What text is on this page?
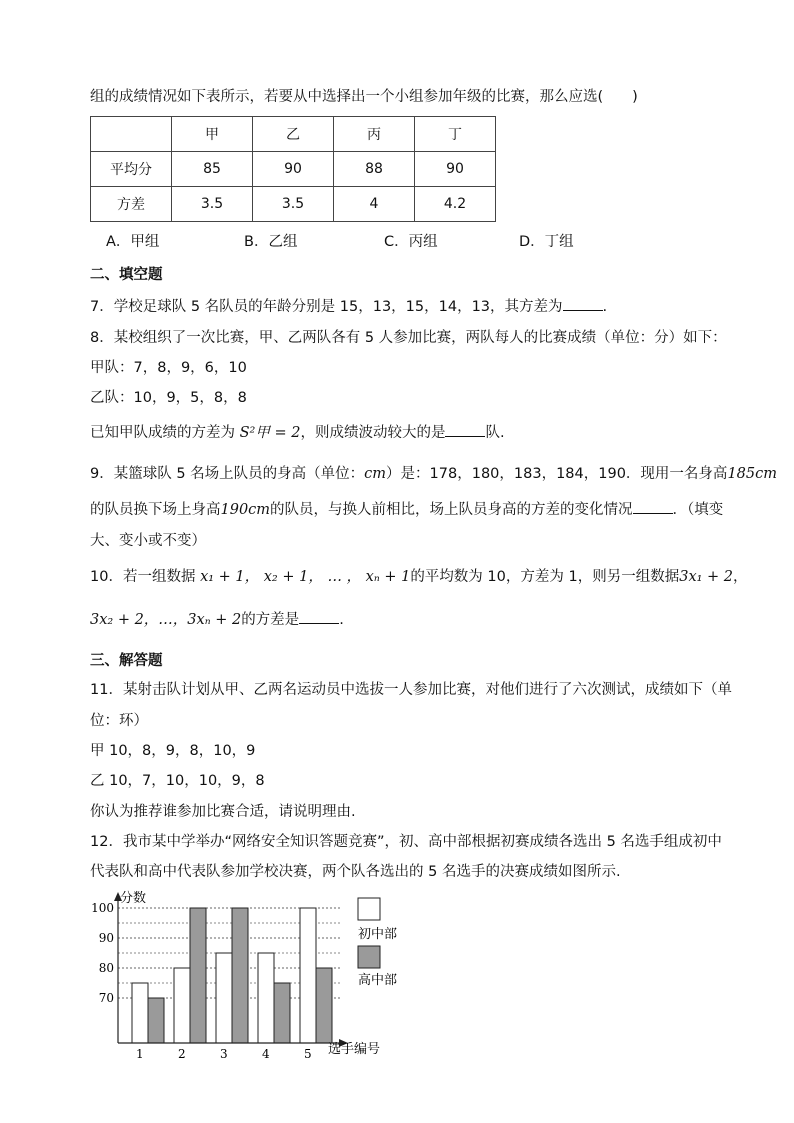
组的成绩情况如下表所示，若要从中选择出一个小组参加年级的比赛，那么应选(　　)
	甲	乙	丙	丁
平均分	85	90	88	90
方差	3.5	3.5	4	4.2
A．甲组	B．乙组	C．丙组	D．丁组
二、填空题
7．学校足球队 5 名队员的年龄分别是 15，13，15，14，13，其方差为	.
8．某校组织了一次比赛，甲、乙两队各有 5 人参加比赛，两队每人的比赛成绩（单位：分）如下：
甲队：7，8，9，6，10
乙队：10，9，5，8，8
已知甲队成绩的方差为 S²甲 = 2，则成绩波动较大的是	队.
9．某篮球队 5 名场上队员的身高（单位：cm）是：178，180，183，184，190．现用一名身高185cm
的队员换下场上身高190cm的队员，与换人前相比，场上队员身高的方差的变化情况	．（填变
大、变小或不变）
10．若一组数据 x₁ + 1， x₂ + 1， … ， xₙ + 1的平均数为 10，方差为 1，则另一组数据3x₁ + 2，
3x₂ + 2，…，3xₙ + 2的方差是	.
三、解答题
11．某射击队计划从甲、乙两名运动员中选拔一人参加比赛，对他们进行了六次测试，成绩如下（单
位：环）
甲 10，8，9，8，10，9
乙 10，7，10，10，9，8
你认为推荐谁参加比赛合适，请说明理由.
12．我市某中学举办“网络安全知识答题竞赛”，初、高中部根据初赛成绩各选出 5 名选手组成初中
代表队和高中代表队参加学校决赛，两个队各选出的 5 名选手的决赛成绩如图所示.
分数
选手编号
70
80
90
100
1	2	3	4	5
初中部
高中部
